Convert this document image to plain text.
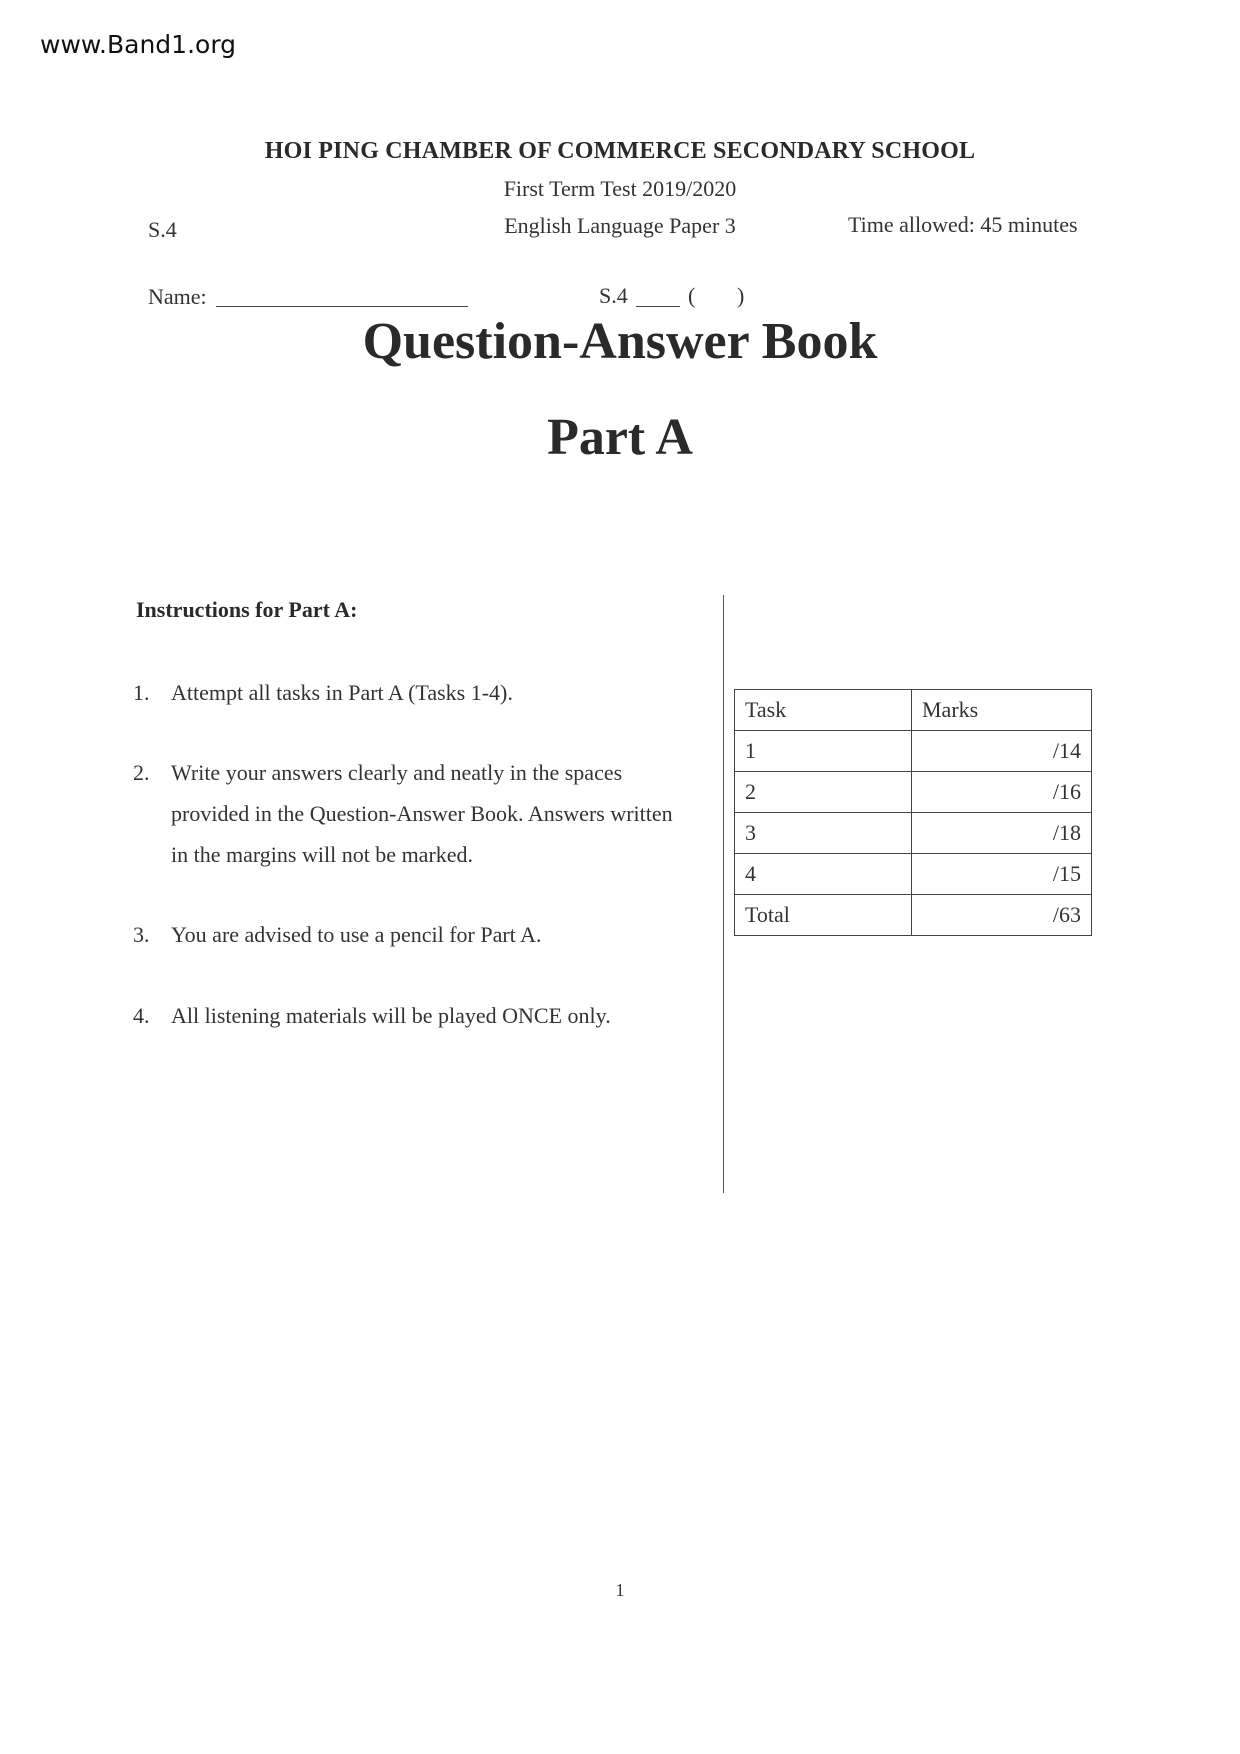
www.Band1.org
HOI PING CHAMBER OF COMMERCE SECONDARY SCHOOL
First Term Test 2019/2020
S.4	English Language Paper 3	Time allowed: 45 minutes
Name:	S.4	( )
Question-Answer Book
Part A
Instructions for Part A:
1. Attempt all tasks in Part A (Tasks 1-4).
2. Write your answers clearly and neatly in the spaces provided in the Question-Answer Book. Answers written in the margins will not be marked.
3. You are advised to use a pencil for Part A.
4. All listening materials will be played ONCE only.
Task	Marks
1	/14
2	/16
3	/18
4	/15
Total	/63
1
